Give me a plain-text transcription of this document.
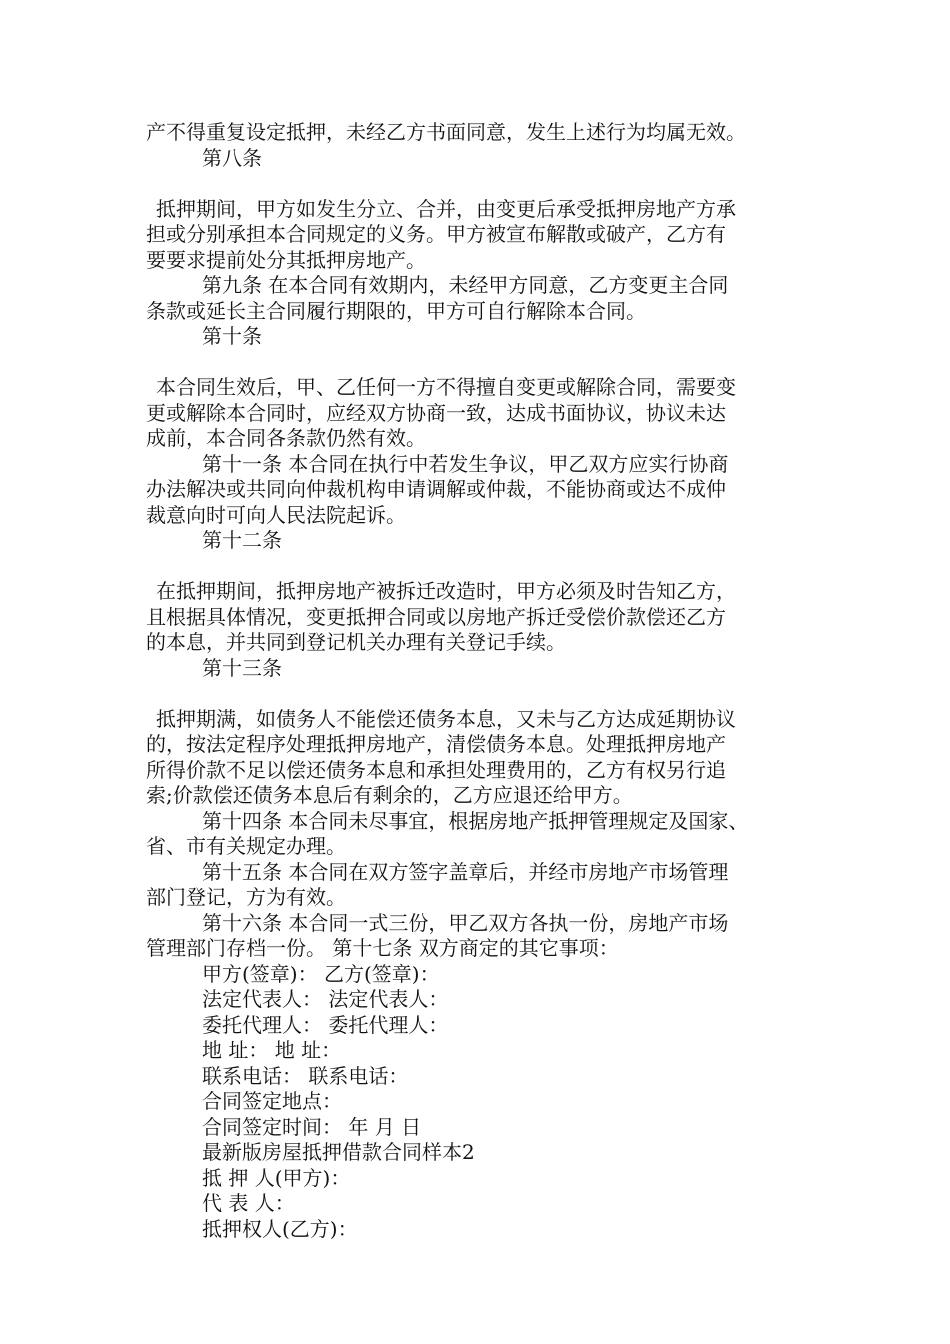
产不得重复设定抵押，未经乙方书面同意，发生上述行为均属无效。
第八条
抵押期间，甲方如发生分立、合并，由变更后承受抵押房地产方承
担或分别承担本合同规定的义务。甲方被宣布解散或破产，乙方有
要要求提前处分其抵押房地产。
第九条 在本合同有效期内，未经甲方同意，乙方变更主合同
条款或延长主合同履行期限的，甲方可自行解除本合同。
第十条
本合同生效后，甲、乙任何一方不得擅自变更或解除合同，需要变
更或解除本合同时，应经双方协商一致，达成书面协议，协议未达
成前，本合同各条款仍然有效。
第十一条 本合同在执行中若发生争议，甲乙双方应实行协商
办法解决或共同向仲裁机构申请调解或仲裁，不能协商或达不成仲
裁意向时可向人民法院起诉。
第十二条
在抵押期间，抵押房地产被拆迁改造时，甲方必须及时告知乙方，
且根据具体情况，变更抵押合同或以房地产拆迁受偿价款偿还乙方
的本息，并共同到登记机关办理有关登记手续。
第十三条
抵押期满，如债务人不能偿还债务本息，又未与乙方达成延期协议
的，按法定程序处理抵押房地产，清偿债务本息。处理抵押房地产
所得价款不足以偿还债务本息和承担处理费用的，乙方有权另行追
索;价款偿还债务本息后有剩余的，乙方应退还给甲方。
第十四条 本合同未尽事宜，根据房地产抵押管理规定及国家、
省、市有关规定办理。
第十五条 本合同在双方签字盖章后，并经市房地产市场管理
部门登记，方为有效。
第十六条 本合同一式三份，甲乙双方各执一份，房地产市场
管理部门存档一份。 第十七条 双方商定的其它事项：
甲方(签章)： 乙方(签章)：
法定代表人： 法定代表人：
委托代理人： 委托代理人：
地 址： 地 址：
联系电话： 联系电话：
合同签定地点：
合同签定时间： 年 月 日
最新版房屋抵押借款合同样本2
抵 押 人(甲方)：
代 表 人：
抵押权人(乙方)：
